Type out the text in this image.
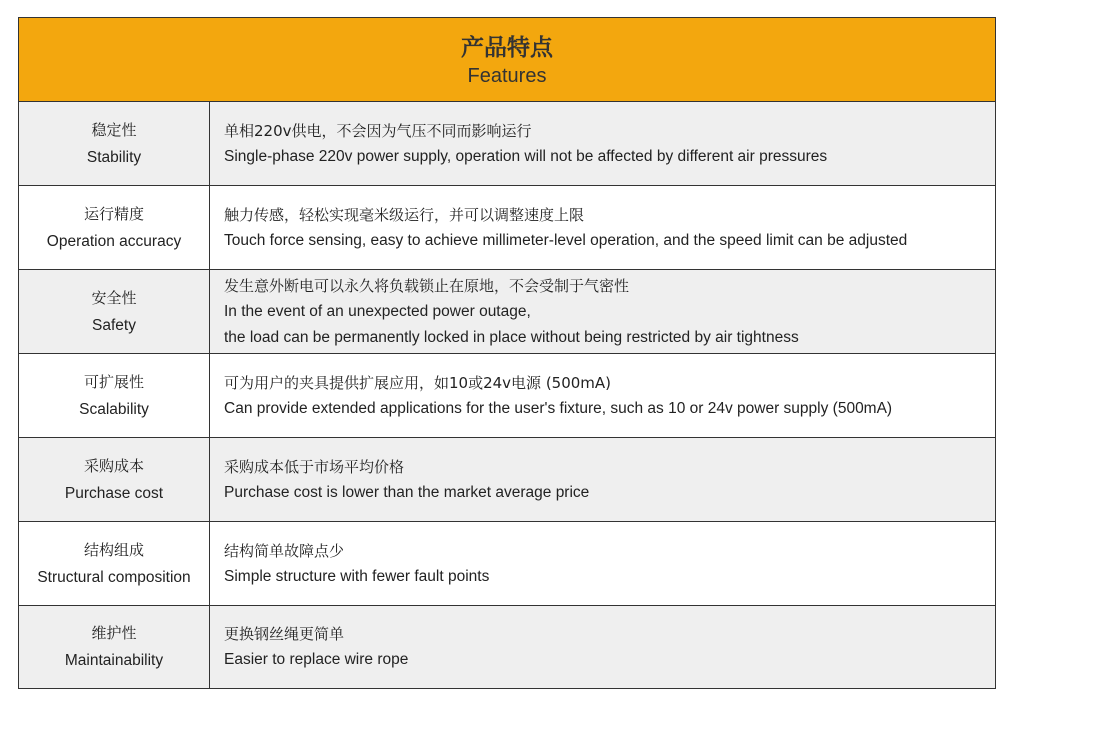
产品特点
Features
稳定性
Stability
单相220v供电，不会因为气压不同而影响运行
Single-phase 220v power supply, operation will not be affected by different air pressures
运行精度
Operation accuracy
触力传感，轻松实现毫米级运行，并可以调整速度上限
Touch force sensing, easy to achieve millimeter-level operation, and the speed limit can be adjusted
安全性
Safety
发生意外断电可以永久将负载锁止在原地，不会受制于气密性
In the event of an unexpected power outage,
the load can be permanently locked in place without being restricted by air tightness
可扩展性
Scalability
可为用户的夹具提供扩展应用，如10或24v电源 (500mA)
Can provide extended applications for the user's fixture, such as 10 or 24v power supply (500mA)
采购成本
Purchase cost
采购成本低于市场平均价格
Purchase cost is lower than the market average price
结构组成
Structural composition
结构简单故障点少
Simple structure with fewer fault points
维护性
Maintainability
更换钢丝绳更简单
Easier to replace wire rope
